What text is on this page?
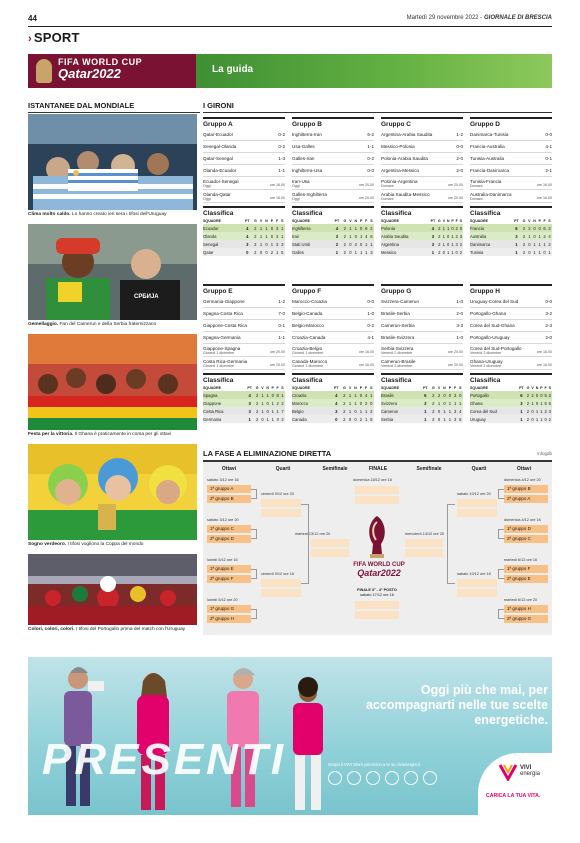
44	Martedì 29 novembre 2022 - GIORNALE DI BRESCIA
› SPORT
FIFA WORLD CUP
Qatar2022	La guida
ISTANTANEE DAL MONDIALE
Clima molto caldo. Lo hanno creato ieri sera i tifosi dell'Uruguay
СРБИЈА
Gemellaggio. Fan del Camerun e della Serbia fraternizzano
Festa per la vittoria. Il Ghana è praticamente in corsa per gli ottavi
Sogno verdeoro. I tifosi vogliono la Coppa del mondo
Colori, colori, colori. I tifosi del Portogallo prima del match con l'Uruguay
I GIRONI
Gruppo A
Qatar-Ecuador	0-2
Senegal-Olanda	0-2
Qatar-Senegal	1-3
Olanda-Ecuador	1-1
Ecuador-Senegal
Oggi	ore 16.00
Olanda-Qatar
Oggi	ore 16.00
Classifica
SQUADRE	PT	G	V	N	P	F	S
Ecuador	4	2	1	1	0	3	1
Olanda	4	2	1	1	0	3	1
Senegal	3	2	1	0	1	3	3
Qatar	0	2	0	0	2	1	5
Gruppo B
Inghilterra-Iran	6-2
Usa-Galles	1-1
Galles-Iran	0-2
Inghilterra-Usa	0-0
Iran-Usa
Oggi	ore 20.00
Galles-Inghilterra
Oggi	ore 20.00
Classifica
SQUADRE	PT	G	V	N	P	F	S
Inghilterra	4	2	1	1	0	6	2
Iran	3	2	1	0	1	4	6
Stati Uniti	2	2	0	2	0	1	1
Galles	1	2	0	1	1	1	3
Gruppo C
Argentina-Arabia Saudita	1-2
Messico-Polonia	0-0
Polonia-Arabia Saudita	2-0
Argentina-Messico	2-0
Polonia-Argentina
Domani	ore 20.00
Arabia Saudita-Messico
Domani	ore 20.00
Classifica
SQUADRE	PT	G	V	N	P	F	S
Polonia	4	2	1	1	0	2	0
Arabia Saudita	3	2	1	0	1	2	3
Argentina	3	2	1	0	1	3	2
Messico	1	2	0	1	1	0	2
Gruppo D
Danimarca-Tunisia	0-0
Francia-Australia	4-1
Tunisia-Australia	0-1
Francia-Danimarca	2-1
Tunisia-Francia
Domani	ore 16.00
Australia-Danimarca
Domani	ore 16.00
Classifica
SQUADRE	PT	G	V	N	P	F	S
Francia	6	2	2	0	0	6	2
Australia	3	2	1	0	1	2	4
Danimarca	1	2	0	1	1	1	2
Tunisia	1	2	0	1	1	0	1
Gruppo E
Germania-Giappone	1-2
Spagna-Costa Rica	7-0
Giappone-Costa Rica	0-1
Spagna-Germania	1-1
Giappone-Spagna
Giovedì 1 dicembre	ore 20.00
Costa Rica-Germania
Giovedì 1 dicembre	ore 20.00
Classifica
SQUADRE	PT	G	V	N	P	F	S
Spagna	4	2	1	1	0	8	1
Giappone	3	2	1	0	1	2	2
Costa Rica	3	2	1	0	1	1	7
Germania	1	2	0	1	1	3	2
Gruppo F
Marocco-Croazia	0-0
Belgio-Canada	1-0
Belgio-Marocco	0-2
Croazia-Canada	4-1
Croazia-Belgio
Giovedì 1 dicembre	ore 16.00
Canada-Marocco
Giovedì 1 dicembre	ore 16.00
Classifica
SQUADRE	PT	G	V	N	P	F	S
Croazia	4	2	1	1	0	4	1
Marocco	4	2	1	1	0	2	0
Belgio	3	2	1	0	1	1	2
Canada	0	2	0	0	2	1	5
Gruppo G
Svizzera-Camerun	1-0
Brasile-Serbia	2-0
Camerun-Serbia	3-3
Brasile-Svizzera	1-0
Serbia-Svizzera
Venerdì 2 dicembre	ore 20.00
Camerun-Brasile
Venerdì 2 dicembre	ore 20.00
Classifica
SQUADRE	PT	G	V	N	P	F	S
Brasile	6	2	2	0	0	3	0
Svizzera	3	2	1	0	1	1	1
Camerun	1	2	0	1	1	3	4
Serbia	1	2	0	1	1	3	5
Gruppo H
Uruguay-Corea del Sud	0-0
Portogallo-Ghana	3-2
Corea del Sud-Ghana	2-3
Portogallo-Uruguay	2-0
Corea del Sud-Portogallo
Venerdì 2 dicembre	ore 16.00
Ghana-Uruguay
Venerdì 2 dicembre	ore 16.00
Classifica
SQUADRE	PT	G	V	N	P	F	S
Portogallo	6	2	2	0	0	5	2
Ghana	3	2	1	0	1	5	5
Corea del Sud	1	2	0	1	1	2	3
Uruguay	1	2	0	1	1	0	2
LA FASE A ELIMINAZIONE DIRETTA	infogdb
Ottavi	Quarti	Semifinale	FINALE	Semifinale	Quarti	Ottavi
sabato 3/12 ore 16
1ª gruppo A
2ª gruppo B
sabato 3/12 ore 20
1ª gruppo C
2ª gruppo D
lunedì 5/12 ore 16
1ª gruppo E
2ª gruppo F
lunedì 5/12 ore 20
1ª gruppo G
2ª gruppo H
domenica 4/12 ore 20
1ª gruppo B
2ª gruppo A
domenica 4/12 ore 16
1ª gruppo D
2ª gruppo C
martedì 6/12 ore 16
1ª gruppo F
2ª gruppo E
martedì 6/12 ore 20
1ª gruppo H
2ª gruppo G
venerdì 9/12 ore 20
venerdì 9/12 ore 16
sabato 10/12 ore 20
sabato 10/12 ore 16
martedì 13/12 ore 20	mercoledì 14/12 ore 20
domenica 18/12 ore 16
FINALE 3° - 4° POSTO
sabato 17/12 ore 16
FIFA WORLD CUP
Qatar2022
PRESENTI
Oggi più che mai, per accompagnarti nelle tue scelte energetiche.
Scopri il VIVI Store più vicino a te su vivienergia.it
VIVI
energia
CARICA LA TUA VITA.
